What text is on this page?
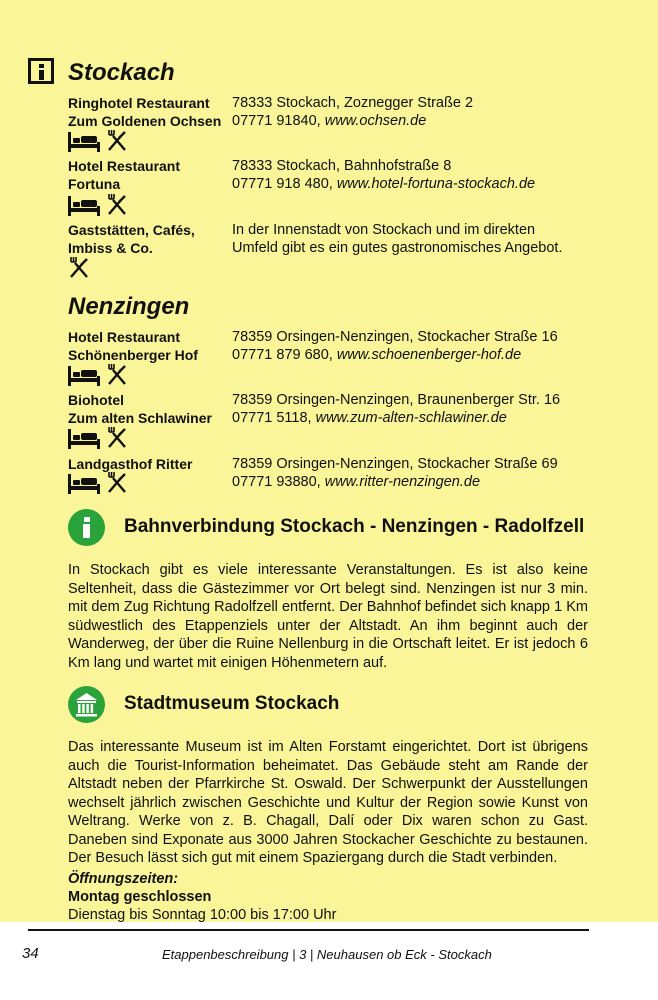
Stockach
Ringhotel Restaurant
Zum Goldenen Ochsen
78333 Stockach, Zoznegger Straße 2
07771 91840, www.ochsen.de
Hotel Restaurant
Fortuna
78333 Stockach, Bahnhofstraße 8
07771 918 480, www.hotel-fortuna-stockach.de
Gaststätten, Cafés,
Imbiss & Co.
In der Innenstadt von Stockach und im direkten
Umfeld gibt es ein gutes gastronomisches Angebot.
Nenzingen
Hotel Restaurant
Schönenberger Hof
78359 Orsingen-Nenzingen, Stockacher Straße 16
07771 879 680, www.schoenenberger-hof.de
Biohotel
Zum alten Schlawiner
78359 Orsingen-Nenzingen, Braunenberger Str. 16
07771 5118, www.zum-alten-schlawiner.de
Landgasthof Ritter	78359 Orsingen-Nenzingen, Stockacher Straße 69
07771 93880, www.ritter-nenzingen.de
Bahnverbindung Stockach - Nenzingen - Radolfzell

In Stockach gibt es viele interessante Veranstaltungen. Es ist also keine Seltenheit, dass die Gästezimmer vor Ort belegt sind. Nenzingen ist nur 3 min. mit dem Zug Richtung Radolfzell entfernt. Der Bahnhof befindet sich knapp 1 Km südwestlich des Etappenziels unter der Altstadt. An ihm beginnt auch der Wanderweg, der über die Ruine Nellenburg in die Ortschaft leitet. Er ist jedoch 6 Km lang und wartet mit einigen Höhenmetern auf.

Stadtmuseum Stockach

Das interessante Museum ist im Alten Forstamt eingerichtet. Dort ist übrigens auch die Tourist-Information beheimatet. Das Gebäude steht am Rande der Altstadt neben der Pfarrkirche St. Oswald. Der Schwerpunkt der Ausstellungen wechselt jährlich zwischen Geschichte und Kultur der Region sowie Kunst von Weltrang. Werke von z. B. Chagall, Dalí oder Dix waren schon zu Gast. Daneben sind Exponate aus 3000 Jahren Stockacher Geschichte zu bestaunen. Der Besuch lässt sich gut mit einem Spaziergang durch die Stadt verbinden.

Öffnungszeiten:
Montag geschlossen
Dienstag bis Sonntag 10:00 bis 17:00 Uhr
34	Etappenbeschreibung | 3 | Neuhausen ob Eck - Stockach
